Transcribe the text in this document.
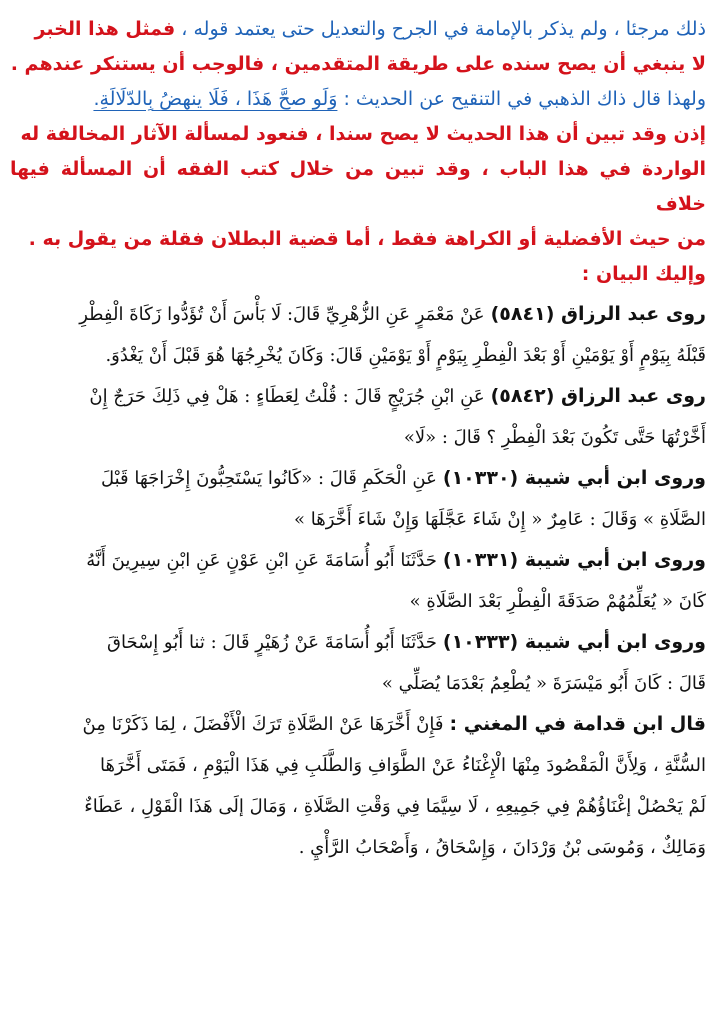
ذلك مرجئا ، ولم يذكر بالإمامة في الجرح والتعديل حتى يعتمد قوله ، فمثل هذا الخبر

لا ينبغي أن يصح سنده على طريقة المتقدمين ، فالوجب أن يستنكر عندهم .

ولهذا قال ذاك الذهبي في التنقيح عن الحديث : وَلَو صحَّ هَذَا ، فَلَا ينهضُ بِالدّلَالَةِ.

إذن وقد تبين أن هذا الحديث لا يصح سندا ، فنعود لمسألة الآثار المخالفة له

الواردة في هذا الباب ، وقد تبين من خلال كتب الفقه أن المسألة فيها خلاف

من حيث الأفضلية أو الكراهة فقط ، أما قضية البطلان فقلة من يقول به .

وإليك البيان :

روى عبد الرزاق (٥٨٤١) عَنْ مَعْمَرٍ عَنِ الزُّهْرِيِّ قَالَ: لَا بَأْسَ أَنْ تُؤَدُّوا زَكَاةَ الْفِطْرِ

قَبْلَهُ بِيَوْمٍ أَوْ يَوْمَيْنِ أَوْ بَعْدَ الْفِطْرِ بِيَوْمٍ أَوْ يَوْمَيْنِ قَالَ: وَكَانَ يُخْرِجُهَا هُوَ قَبْلَ أَنْ يَغْدُوَ.

روى عبد الرزاق (٥٨٤٢) عَنِ ابْنِ جُرَيْجٍ قَالَ : قُلْتُ لِعَطَاءٍ : هَلْ فِي ذَلِكَ حَرَجٌ إِنْ

أَخَّرْتُهَا حَتَّى تَكُونَ بَعْدَ الْفِطْرِ ؟ قَالَ : «لَا»

وروى ابن أبي شيبة (١٠٣٣٠) عَنِ الْحَكَمِ قَالَ : «كَانُوا يَسْتَحِبُّونَ إِخْرَاجَهَا قَبْلَ

الصَّلَاةِ » وَقَالَ : عَامِرٌ « إِنْ شَاءَ عَجَّلَهَا وَإِنْ شَاءَ أَخَّرَهَا »

وروى ابن أبي شيبة (١٠٣٣١) حَدَّثَنَا أَبُو أُسَامَةَ عَنِ ابْنِ عَوْنٍ عَنِ ابْنِ سِيرِينَ أَنَّهُ

كَانَ « يُعَلِّمُهُمْ صَدَقَةَ الْفِطْرِ بَعْدَ الصَّلَاةِ »

وروى ابن أبي شيبة (١٠٣٣٣) حَدَّثَنَا أَبُو أُسَامَةَ عَنْ زُهَيْرٍ قَالَ : ثنا أَبُو إِسْحَاقَ

قَالَ : كَانَ أَبُو مَيْسَرَةَ « يُطْعِمُ بَعْدَمَا يُصَلِّي »

قال ابن قدامة في المغني : فَإِنْ أَخَّرَهَا عَنْ الصَّلَاةِ تَرَكَ الْأَفْضَلَ ، لِمَا ذَكَرْنَا مِنْ

السُّنَّةِ ، وَلِأَنَّ الْمَقْصُودَ مِنْهَا الْإِغْنَاءُ عَنْ الطَّوَافِ وَالطَّلَبِ فِي هَذَا الْيَوْمِ ، فَمَتَى أَخَّرَهَا

لَمْ يَحْصُلْ إغْنَاؤُهُمْ فِي جَمِيعِهِ ، لَا سِيَّمَا فِي وَقْتِ الصَّلَاةِ ، وَمَالَ إلَى هَذَا الْقَوْلِ ، عَطَاءٌ

وَمَالِكٌ ، وَمُوسَى بْنُ وَرْدَانَ ، وَإِسْحَاقُ ، وَأَصْحَابُ الرَّأْيِ .
